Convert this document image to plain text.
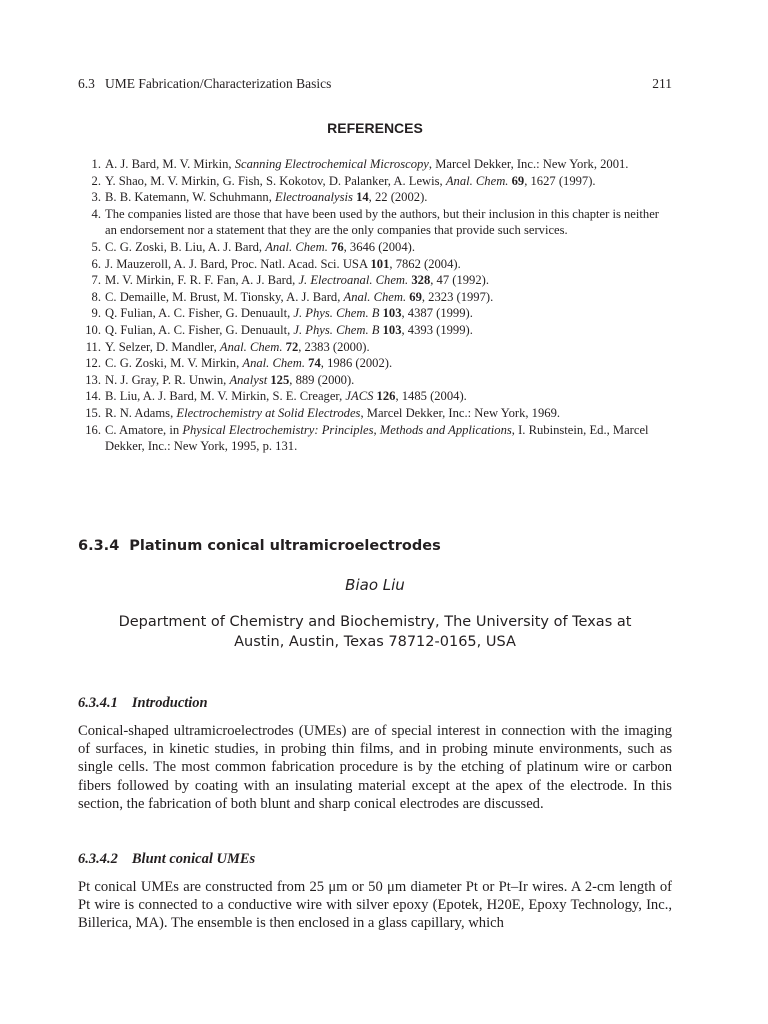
6.3   UME Fabrication/Characterization Basics	211
REFERENCES
1. A. J. Bard, M. V. Mirkin, Scanning Electrochemical Microscopy, Marcel Dekker, Inc.: New York, 2001.
2. Y. Shao, M. V. Mirkin, G. Fish, S. Kokotov, D. Palanker, A. Lewis, Anal. Chem. 69, 1627 (1997).
3. B. B. Katemann, W. Schuhmann, Electroanalysis 14, 22 (2002).
4. The companies listed are those that have been used by the authors, but their inclusion in this chapter is neither an endorsement nor a statement that they are the only companies that provide such services.
5. C. G. Zoski, B. Liu, A. J. Bard, Anal. Chem. 76, 3646 (2004).
6. J. Mauzeroll, A. J. Bard, Proc. Natl. Acad. Sci. USA 101, 7862 (2004).
7. M. V. Mirkin, F. R. F. Fan, A. J. Bard, J. Electroanal. Chem. 328, 47 (1992).
8. C. Demaille, M. Brust, M. Tionsky, A. J. Bard, Anal. Chem. 69, 2323 (1997).
9. Q. Fulian, A. C. Fisher, G. Denuault, J. Phys. Chem. B 103, 4387 (1999).
10. Q. Fulian, A. C. Fisher, G. Denuault, J. Phys. Chem. B 103, 4393 (1999).
11. Y. Selzer, D. Mandler, Anal. Chem. 72, 2383 (2000).
12. C. G. Zoski, M. V. Mirkin, Anal. Chem. 74, 1986 (2002).
13. N. J. Gray, P. R. Unwin, Analyst 125, 889 (2000).
14. B. Liu, A. J. Bard, M. V. Mirkin, S. E. Creager, JACS 126, 1485 (2004).
15. R. N. Adams, Electrochemistry at Solid Electrodes, Marcel Dekker, Inc.: New York, 1969.
16. C. Amatore, in Physical Electrochemistry: Principles, Methods and Applications, I. Rubinstein, Ed., Marcel Dekker, Inc.: New York, 1995, p. 131.
6.3.4 Platinum conical ultramicroelectrodes
Biao Liu
Department of Chemistry and Biochemistry, The University of Texas at
Austin, Austin, Texas 78712-0165, USA
6.3.4.1 Introduction

Conical-shaped ultramicroelectrodes (UMEs) are of special interest in connection with the imaging of surfaces, in kinetic studies, in probing thin films, and in probing minute environments, such as single cells. The most common fabrication procedure is by the etching of platinum wire or carbon fibers followed by coating with an insulating material except at the apex of the electrode. In this section, the fabrication of both blunt and sharp conical electrodes are discussed.

6.3.4.2 Blunt conical UMEs

Pt conical UMEs are constructed from 25 μm or 50 μm diameter Pt or Pt–Ir wires. A 2-cm length of Pt wire is connected to a conductive wire with silver epoxy (Epotek, H20E, Epoxy Technology, Inc., Billerica, MA). The ensemble is then enclosed in a glass capillary, which
